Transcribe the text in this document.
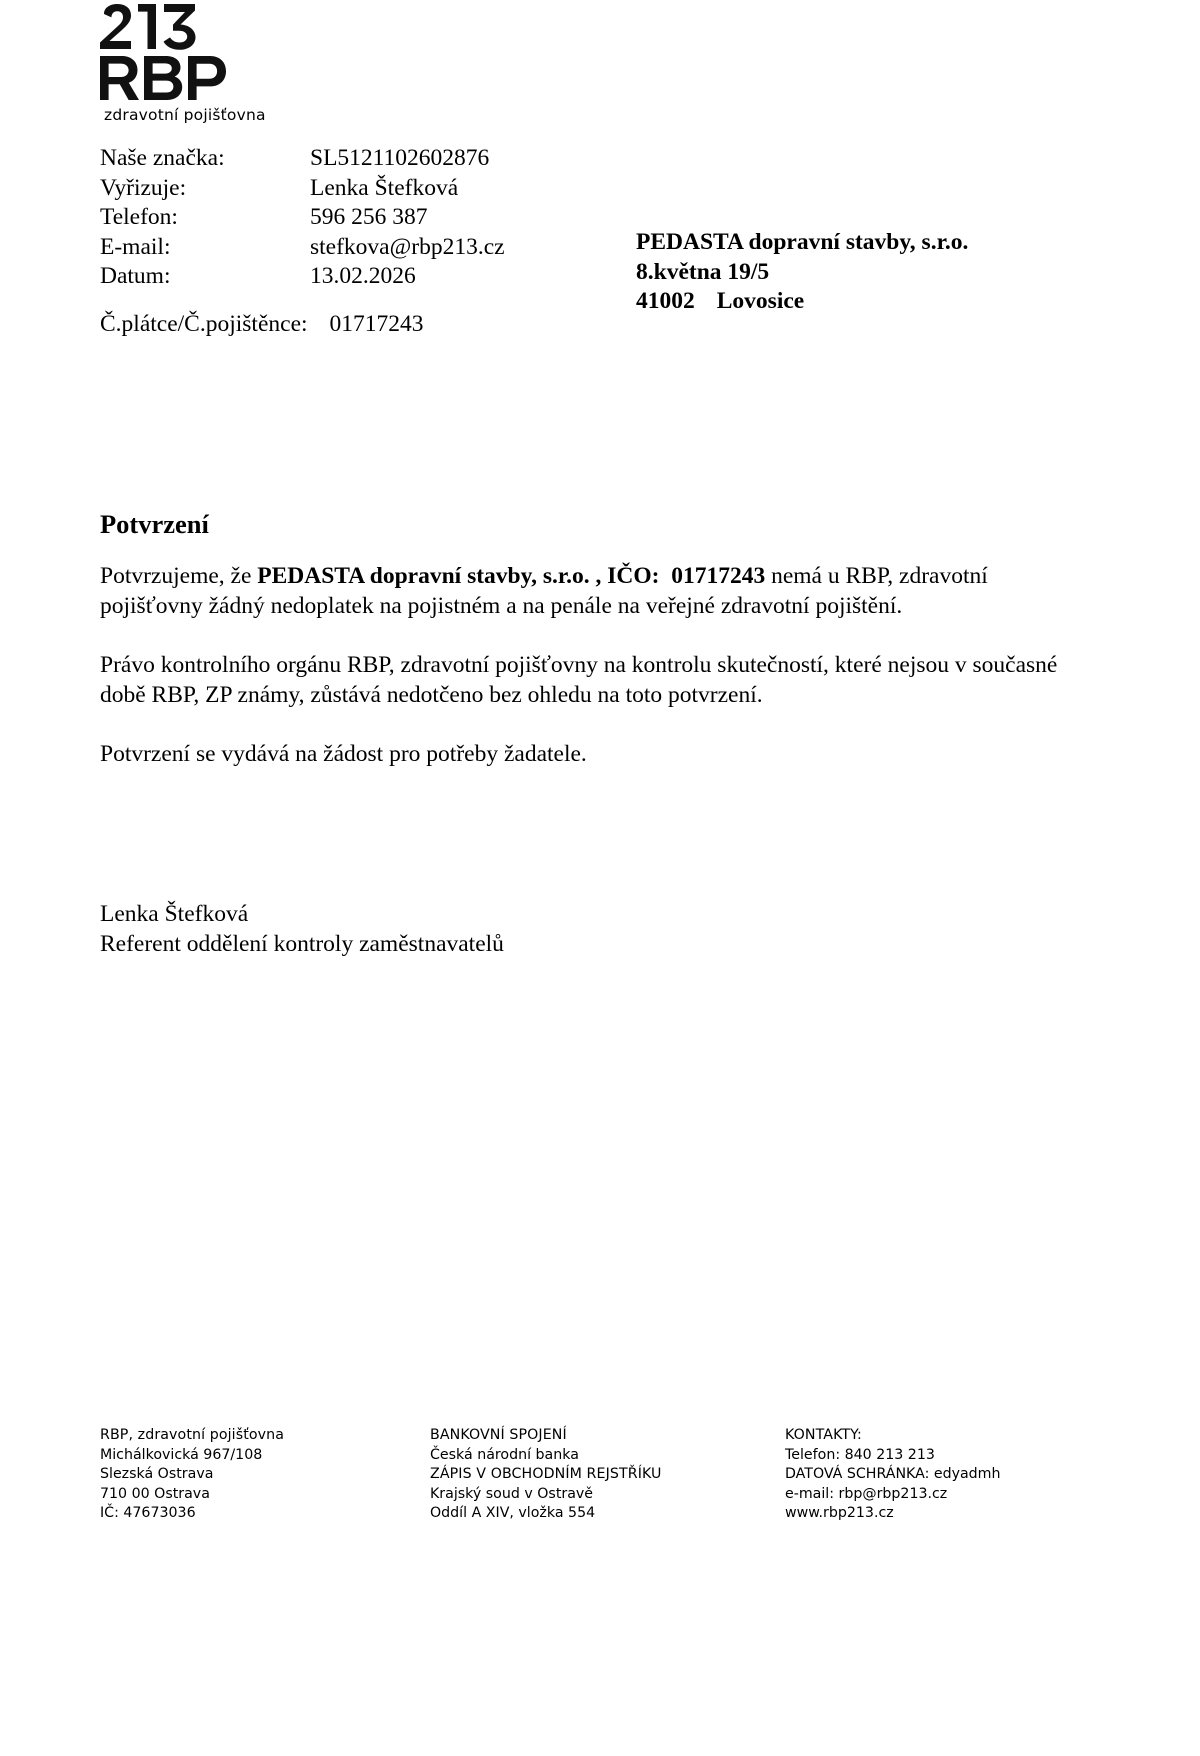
zdravotní pojišťovna
Naše značka:	SL5121102602876
Vyřizuje:	Lenka Štefková
Telefon:	596 256 387
E-mail:	stefkova@rbp213.cz
Datum:	13.02.2026
Č.plátce/Č.pojištěnce: 01717243
PEDASTA dopravní stavby, s.r.o.
8.května 19/5
41002 Lovosice
Potvrzení

Potvrzujeme, že PEDASTA dopravní stavby, s.r.o. , IČO: 01717243 nemá u RBP, zdravotní pojišťovny žádný nedoplatek na pojistném a na penále na veřejné zdravotní pojištění.

Právo kontrolního orgánu RBP, zdravotní pojišťovny na kontrolu skutečností, které nejsou v současné době RBP, ZP známy, zůstává nedotčeno bez ohledu na toto potvrzení.

Potvrzení se vydává na žádost pro potřeby žadatele.

Lenka Štefková
Referent oddělení kontroly zaměstnavatelů
RBP, zdravotní pojišťovna
Michálkovická 967/108
Slezská Ostrava
710 00 Ostrava
IČ: 47673036
BANKOVNÍ SPOJENÍ
Česká národní banka
ZÁPIS V OBCHODNÍM REJSTŘÍKU
Krajský soud v Ostravě
Oddíl A XIV, vložka 554
KONTAKTY:
Telefon: 840 213 213
DATOVÁ SCHRÁNKA: edyadmh
e-mail: rbp@rbp213.cz
www.rbp213.cz
